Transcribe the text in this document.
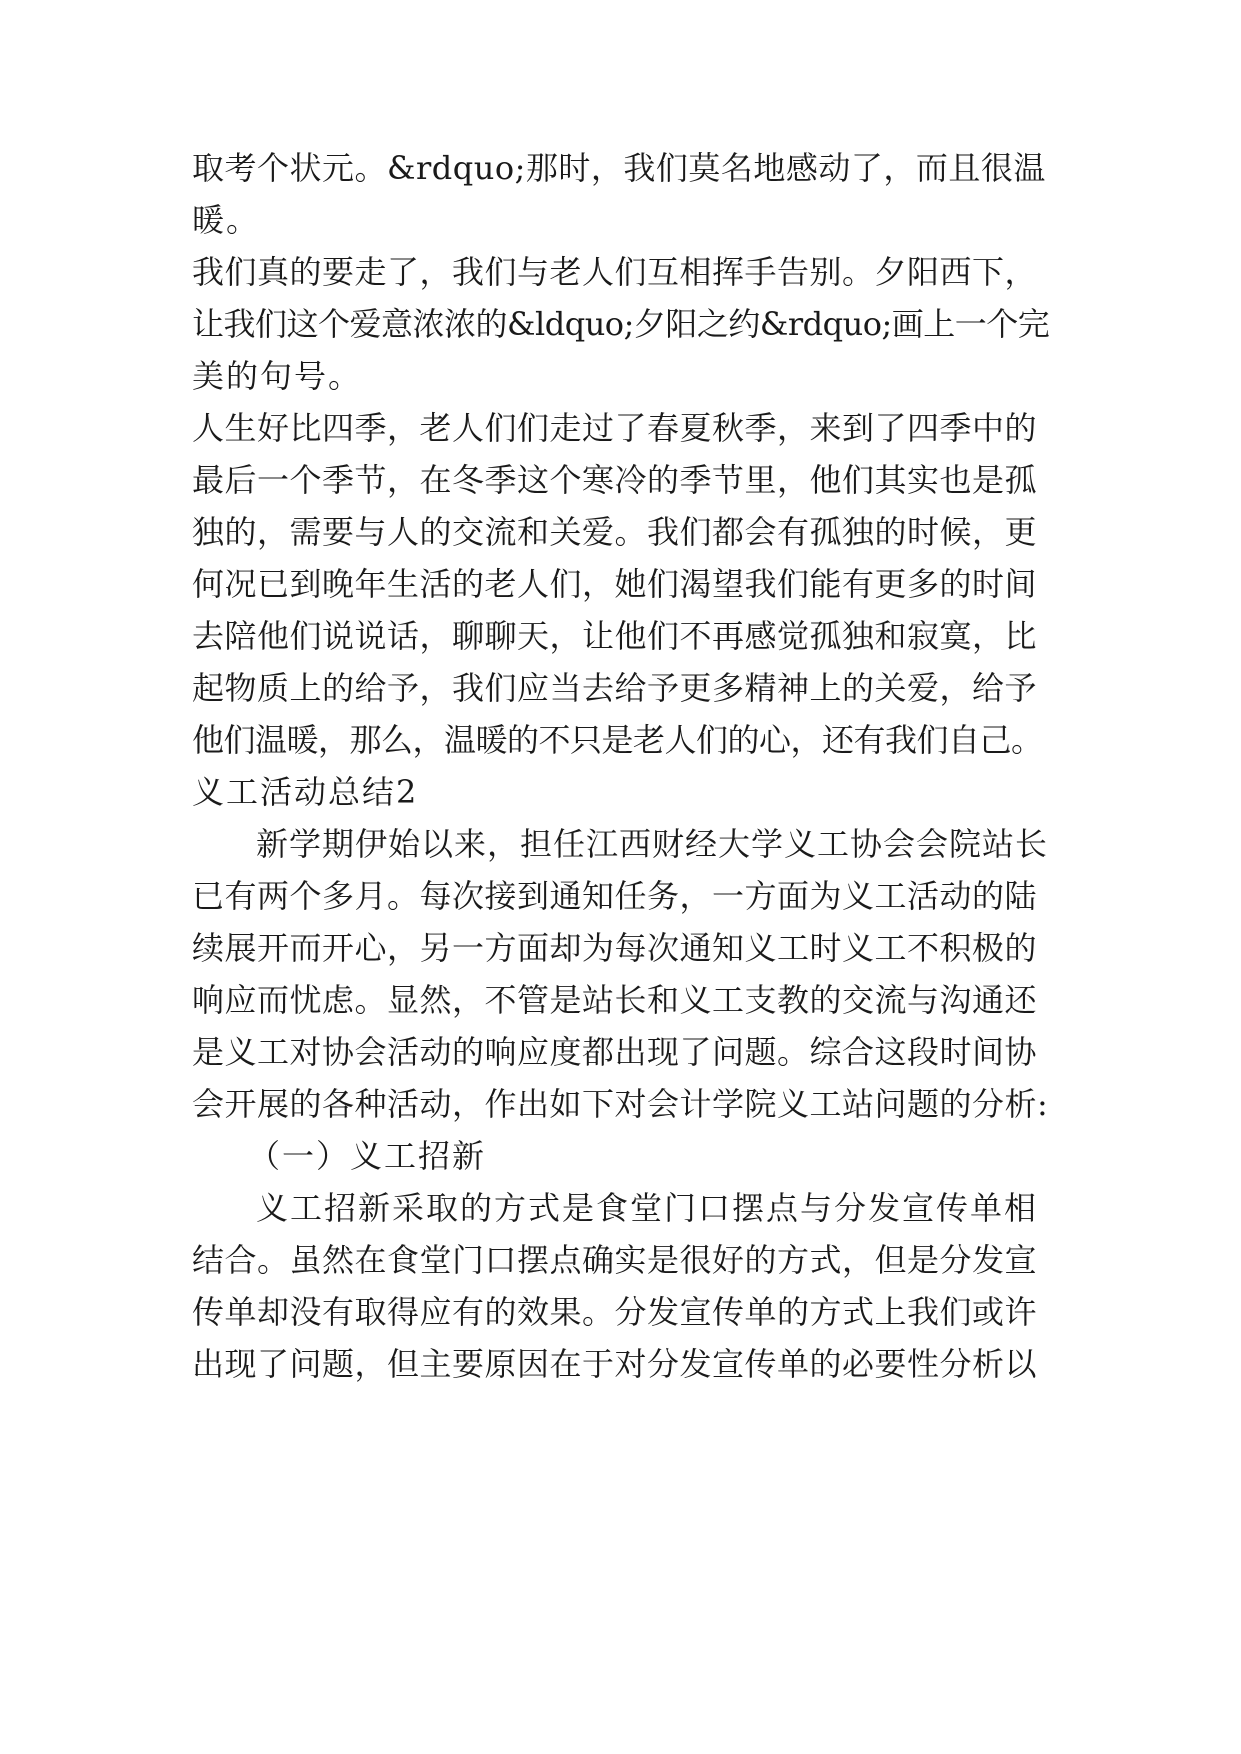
取考个状元。&rdquo;那时，我们莫名地感动了，而且很温
暖。
我们真的要走了，我们与老人们互相挥手告别。夕阳西下，
让我们这个爱意浓浓的&ldquo;夕阳之约&rdquo;画上一个完
美的句号。
人生好比四季，老人们们走过了春夏秋季，来到了四季中的
最后一个季节，在冬季这个寒冷的季节里，他们其实也是孤
独的，需要与人的交流和关爱。我们都会有孤独的时候，更
何况已到晚年生活的老人们，她们渴望我们能有更多的时间
去陪他们说说话，聊聊天，让他们不再感觉孤独和寂寞，比
起物质上的给予，我们应当去给予更多精神上的关爱，给予
他们温暖，那么，温暖的不只是老人们的心，还有我们自己。
义工活动总结2
新学期伊始以来，担任江西财经大学义工协会会院站长
已有两个多月。每次接到通知任务，一方面为义工活动的陆
续展开而开心，另一方面却为每次通知义工时义工不积极的
响应而忧虑。显然，不管是站长和义工支教的交流与沟通还
是义工对协会活动的响应度都出现了问题。综合这段时间协
会开展的各种活动，作出如下对会计学院义工站问题的分析:
（一）义工招新
义工招新采取的方式是食堂门口摆点与分发宣传单相
结合。虽然在食堂门口摆点确实是很好的方式，但是分发宣
传单却没有取得应有的效果。分发宣传单的方式上我们或许
出现了问题，但主要原因在于对分发宣传单的必要性分析以
